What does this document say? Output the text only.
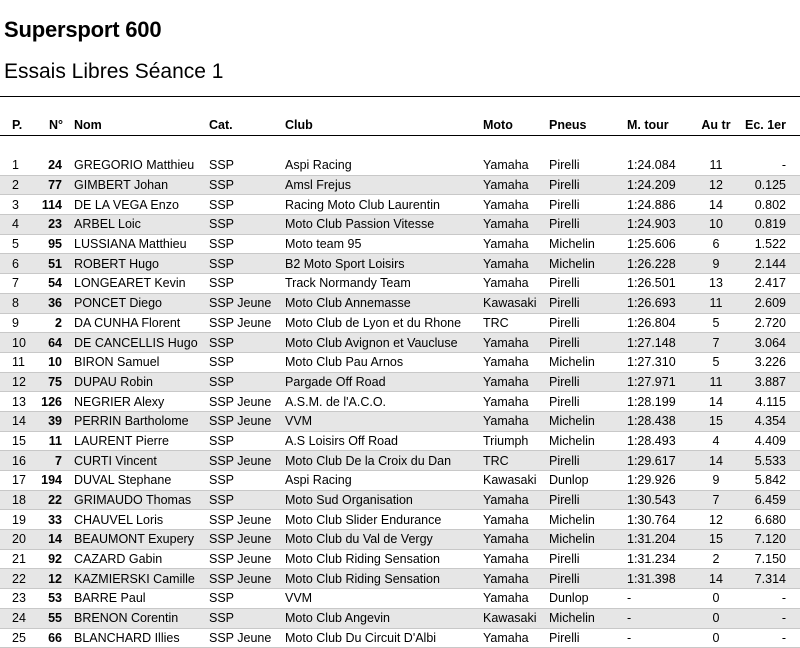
Supersport 600
Essais Libres Séance 1
P.	N°	Nom	Cat.	Club	Moto	Pneus	M. tour	Au tr	Ec. 1er

1	24	GREGORIO Matthieu	SSP	Aspi Racing	Yamaha	Pirelli	1:24.084	11	-
2	77	GIMBERT Johan	SSP	Amsl Frejus	Yamaha	Pirelli	1:24.209	12	0.125
3	114	DE LA VEGA Enzo	SSP	Racing Moto Club Laurentin	Yamaha	Pirelli	1:24.886	14	0.802
4	23	ARBEL Loic	SSP	Moto Club Passion Vitesse	Yamaha	Pirelli	1:24.903	10	0.819
5	95	LUSSIANA Matthieu	SSP	Moto team 95	Yamaha	Michelin	1:25.606	6	1.522
6	51	ROBERT Hugo	SSP	B2 Moto Sport Loisirs	Yamaha	Michelin	1:26.228	9	2.144
7	54	LONGEARET Kevin	SSP	Track Normandy Team	Yamaha	Pirelli	1:26.501	13	2.417
8	36	PONCET Diego	SSP Jeune	Moto Club Annemasse	Kawasaki	Pirelli	1:26.693	11	2.609
9	2	DA CUNHA Florent	SSP Jeune	Moto Club de Lyon et du Rhone	TRC	Pirelli	1:26.804	5	2.720
10	64	DE CANCELLIS Hugo	SSP	Moto Club Avignon et Vaucluse	Yamaha	Pirelli	1:27.148	7	3.064
11	10	BIRON Samuel	SSP	Moto Club Pau Arnos	Yamaha	Michelin	1:27.310	5	3.226
12	75	DUPAU Robin	SSP	Pargade Off Road	Yamaha	Pirelli	1:27.971	11	3.887
13	126	NEGRIER Alexy	SSP Jeune	A.S.M. de l'A.C.O.	Yamaha	Pirelli	1:28.199	14	4.115
14	39	PERRIN Bartholome	SSP Jeune	VVM	Yamaha	Michelin	1:28.438	15	4.354
15	11	LAURENT Pierre	SSP	A.S Loisirs Off Road	Triumph	Michelin	1:28.493	4	4.409
16	7	CURTI Vincent	SSP Jeune	Moto Club De la Croix du Dan	TRC	Pirelli	1:29.617	14	5.533
17	194	DUVAL Stephane	SSP	Aspi Racing	Kawasaki	Dunlop	1:29.926	9	5.842
18	22	GRIMAUDO Thomas	SSP	Moto Sud Organisation	Yamaha	Pirelli	1:30.543	7	6.459
19	33	CHAUVEL Loris	SSP Jeune	Moto Club Slider Endurance	Yamaha	Michelin	1:30.764	12	6.680
20	14	BEAUMONT Exupery	SSP Jeune	Moto Club du Val de Vergy	Yamaha	Michelin	1:31.204	15	7.120
21	92	CAZARD Gabin	SSP Jeune	Moto Club Riding Sensation	Yamaha	Pirelli	1:31.234	2	7.150
22	12	KAZMIERSKI Camille	SSP Jeune	Moto Club Riding Sensation	Yamaha	Pirelli	1:31.398	14	7.314
23	53	BARRE Paul	SSP	VVM	Yamaha	Dunlop	-	0	-
24	55	BRENON Corentin	SSP	Moto Club Angevin	Kawasaki	Michelin	-	0	-
25	66	BLANCHARD Illies	SSP Jeune	Moto Club Du Circuit D'Albi	Yamaha	Pirelli	-	0	-
